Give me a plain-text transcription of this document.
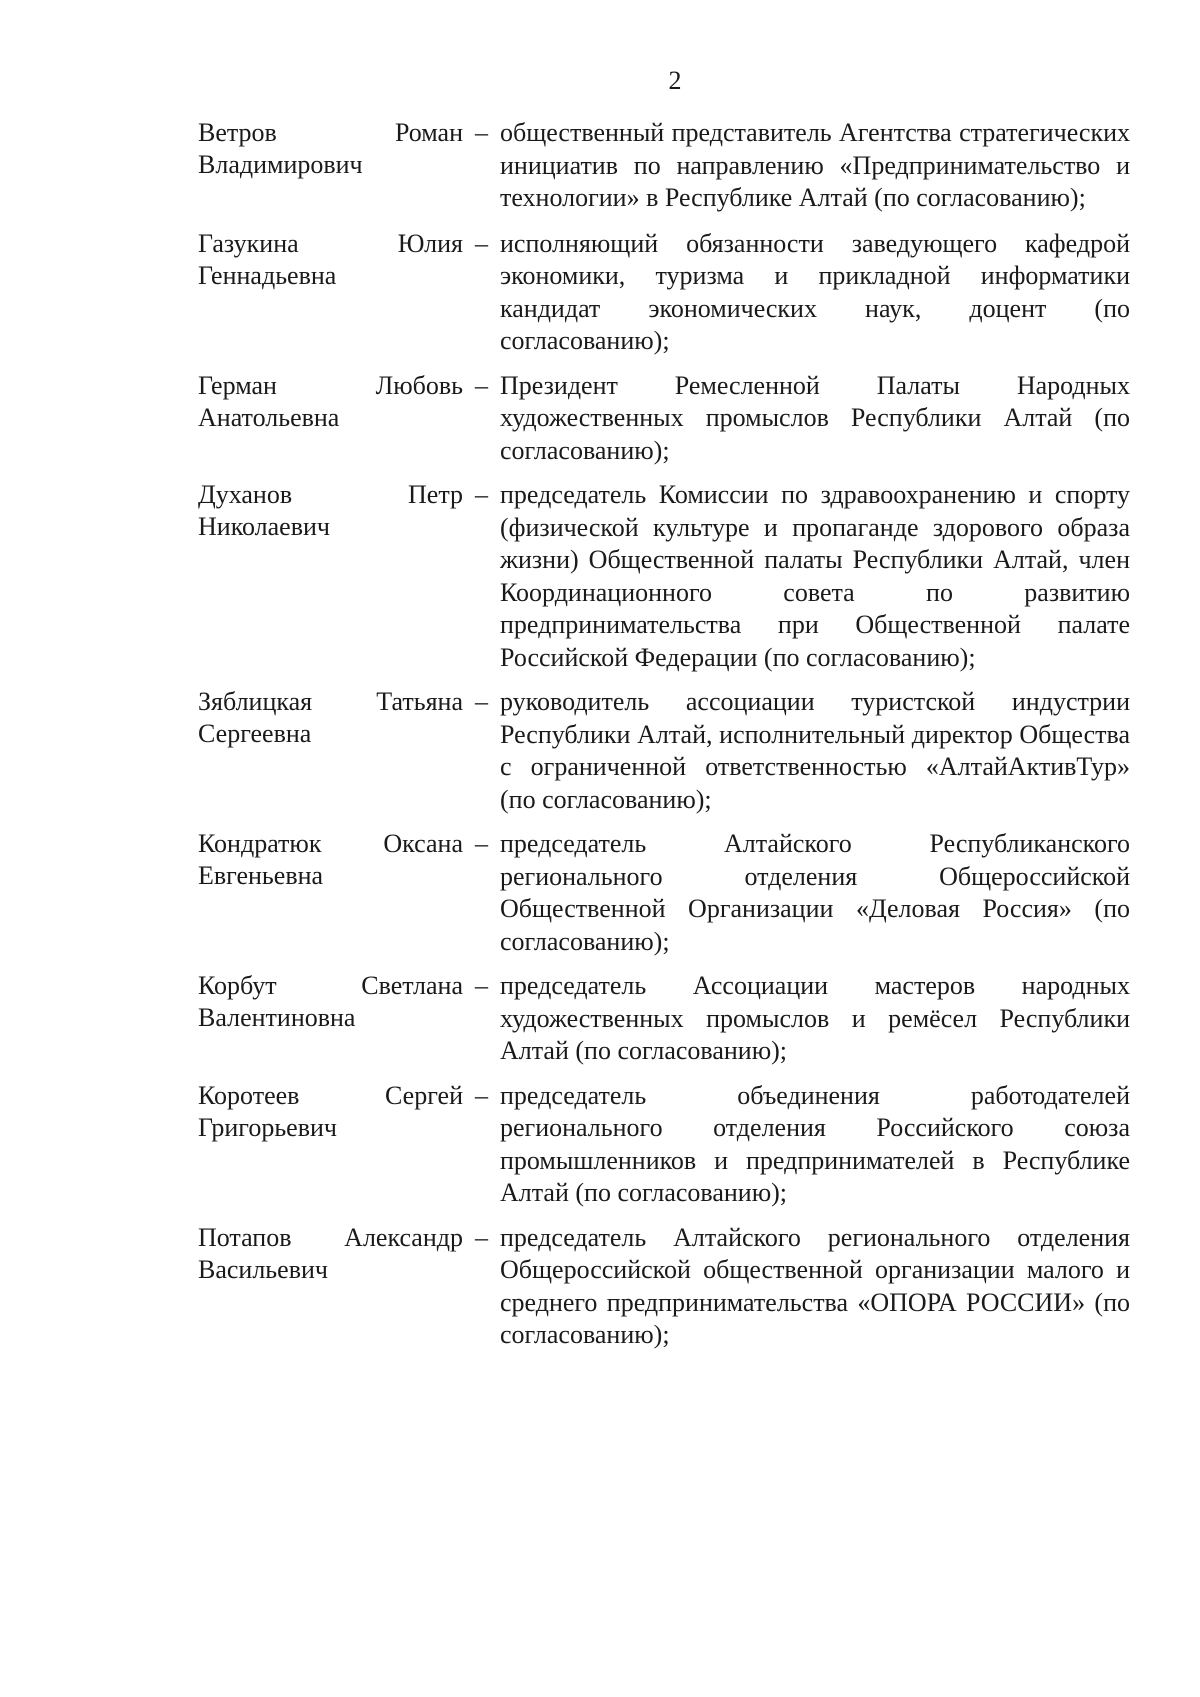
2
Ветров	Роман
Владимирович
– общественный представитель Агентства стратегических инициатив по направлению «Предпринимательство и технологии» в Республике Алтай (по согласованию);
Газукина	Юлия
Геннадьевна
– исполняющий обязанности заведующего кафедрой экономики, туризма и прикладной информатики кандидат экономических наук, доцент (по согласованию);
Герман	Любовь
Анатольевна
– Президент Ремесленной Палаты Народных художественных промыслов Республики Алтай (по согласованию);
Духанов	Петр
Николаевич
– председатель Комиссии по здравоохранению и спорту (физической культуре и пропаганде здорового образа жизни) Общественной палаты Республики Алтай, член Координационного совета по развитию предпринимательства при Общественной палате Российской Федерации (по согласованию);
Зяблицкая Татьяна
Сергеевна
– руководитель ассоциации туристской индустрии Республики Алтай, исполнительный директор Общества с ограниченной ответственностью «АлтайАктивТур» (по согласованию);
Кондратюк Оксана
Евгеньевна
– председатель Алтайского Республиканского регионального отделения Общероссийской Общественной Организации «Деловая Россия» (по согласованию);
Корбут	Светлана
Валентиновна
– председатель Ассоциации мастеров народных художественных промыслов и ремёсел Республики Алтай (по согласованию);
Коротеев	Сергей
Григорьевич
– председатель объединения работодателей регионального отделения Российского союза промышленников и предпринимателей в Республике Алтай (по согласованию);
Потапов Александр
Васильевич
– председатель Алтайского регионального отделения Общероссийской общественной организации малого и среднего предпринимательства «ОПОРА РОССИИ» (по согласованию);
